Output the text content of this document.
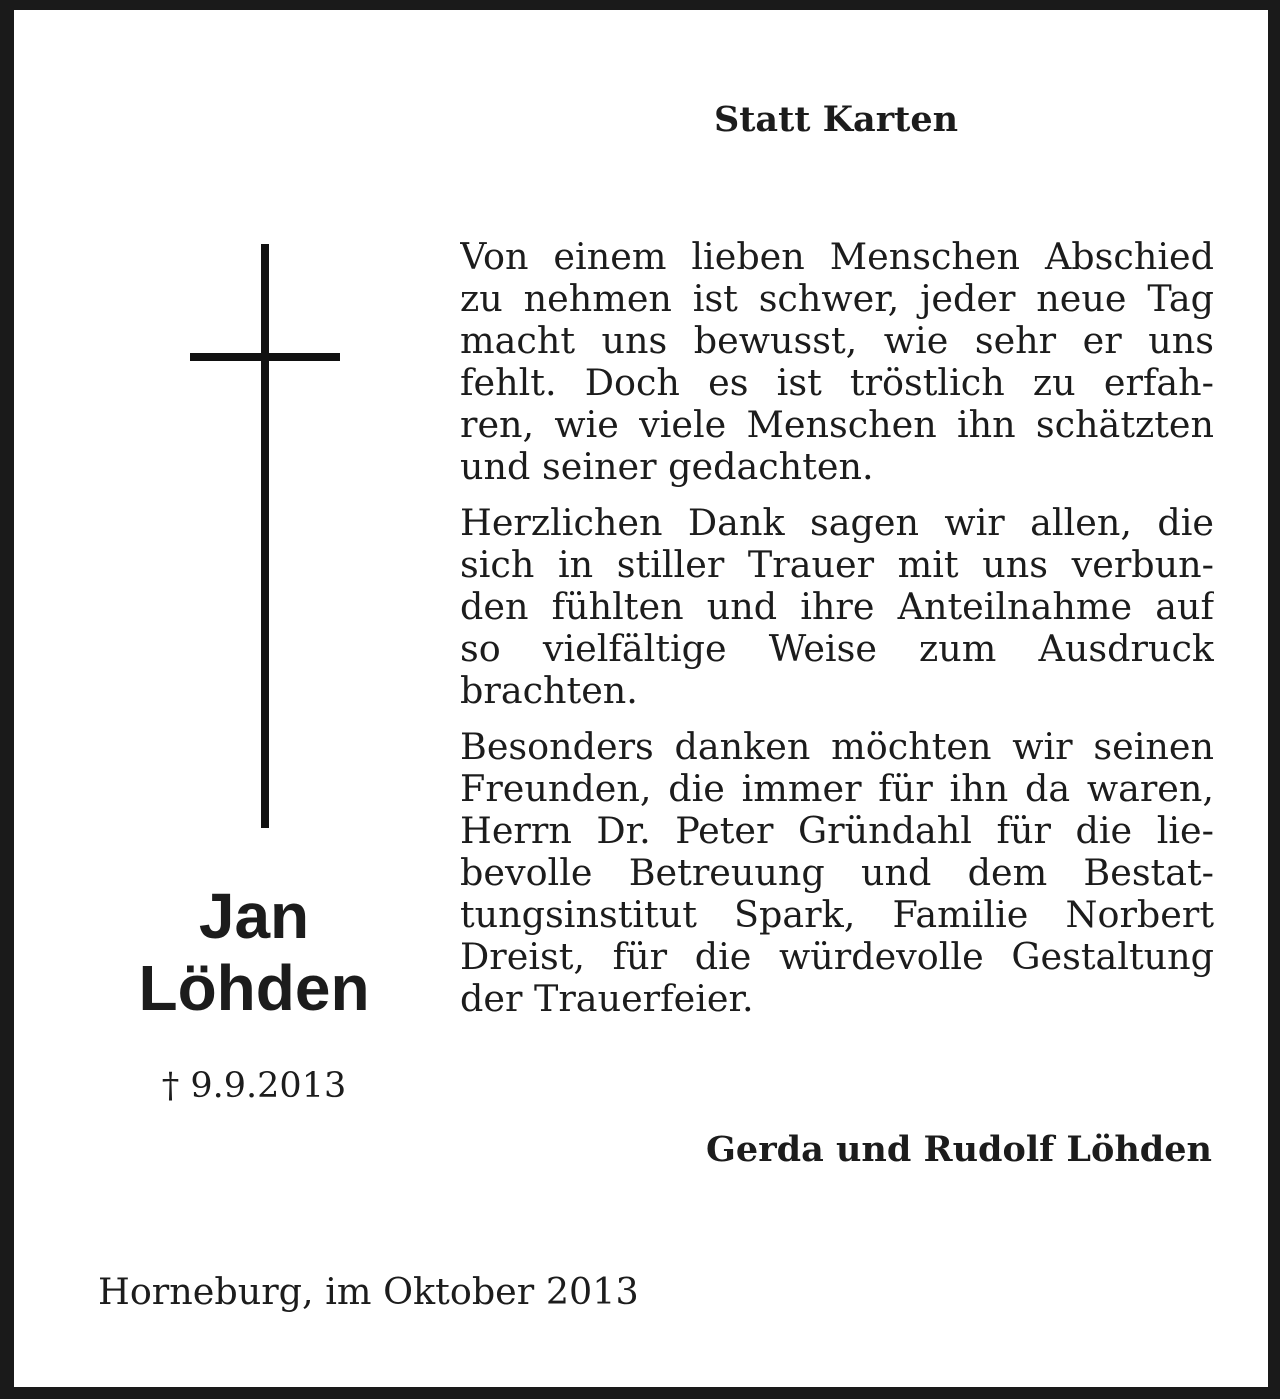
Statt Karten
Jan
Löhden
† 9.9.2013
Von einem lieben Menschen Abschied
zu nehmen ist schwer, jeder neue Tag
macht uns bewusst, wie sehr er uns
fehlt. Doch es ist tröstlich zu erfah-
ren, wie viele Menschen ihn schätzten
und seiner gedachten.
Herzlichen Dank sagen wir allen, die
sich in stiller Trauer mit uns verbun-
den fühlten und ihre Anteilnahme auf
so vielfältige Weise zum Ausdruck
brachten.
Besonders danken möchten wir seinen
Freunden, die immer für ihn da waren,
Herrn Dr. Peter Gründahl für die lie-
bevolle Betreuung und dem Bestat-
tungsinstitut Spark, Familie Norbert
Dreist, für die würdevolle Gestaltung
der Trauerfeier.
Gerda und Rudolf Löhden
Horneburg, im Oktober 2013
